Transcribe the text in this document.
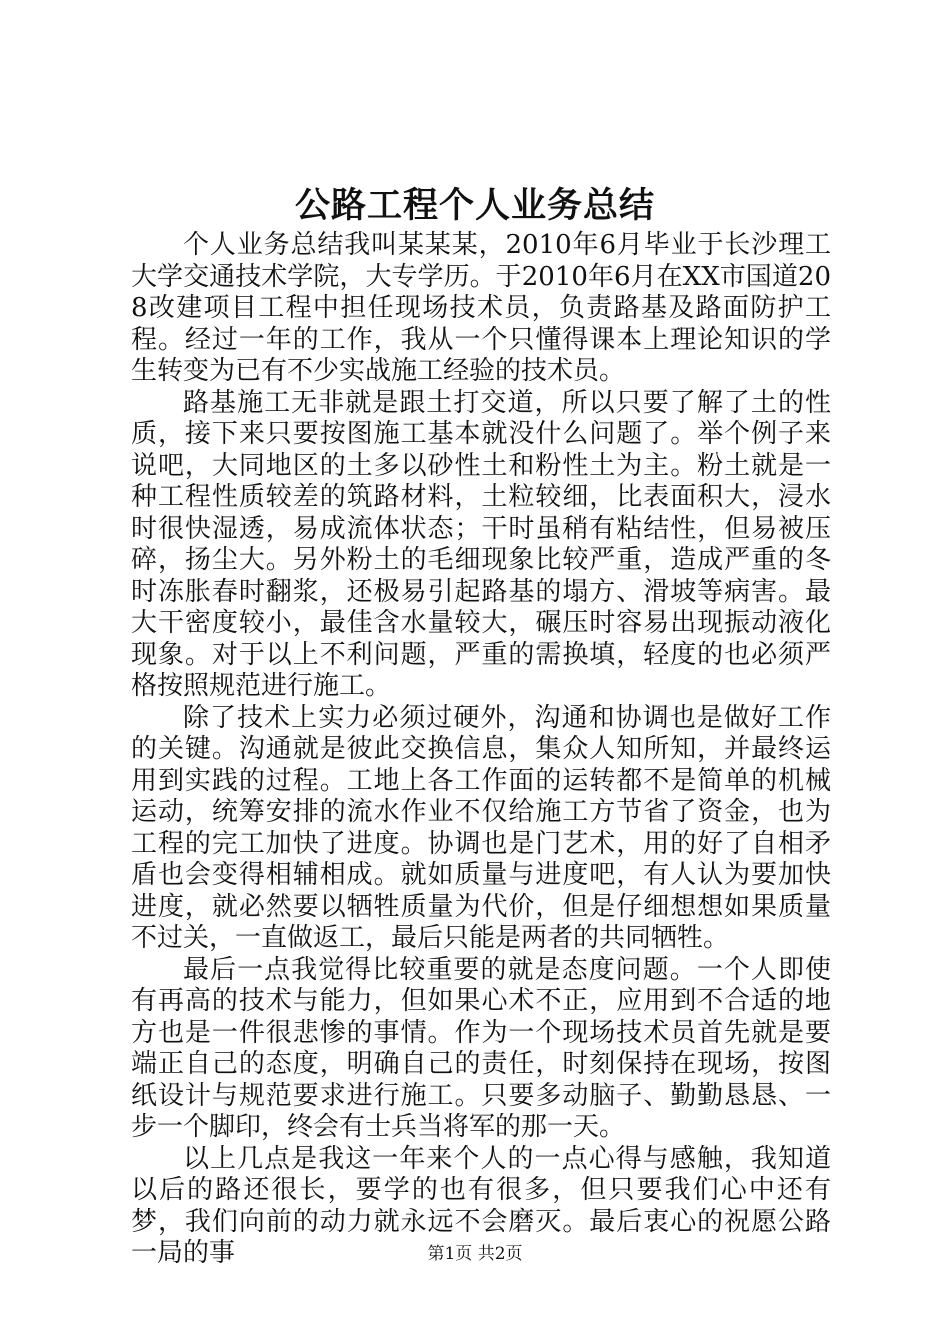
公路工程个人业务总结

个人业务总结我叫某某某，2010年6月毕业于长沙理工大学交通技术学院，大专学历。于2010年6月在XX市国道208改建项目工程中担任现场技术员，负责路基及路面防护工程。经过一年的工作，我从一个只懂得课本上理论知识的学生转变为已有不少实战施工经验的技术员。

路基施工无非就是跟土打交道，所以只要了解了土的性质，接下来只要按图施工基本就没什么问题了。举个例子来说吧，大同地区的土多以砂性土和粉性土为主。粉土就是一种工程性质较差的筑路材料，土粒较细，比表面积大，浸水时很快湿透，易成流体状态；干时虽稍有粘结性，但易被压碎，扬尘大。另外粉土的毛细现象比较严重，造成严重的冬时冻胀春时翻浆，还极易引起路基的塌方、滑坡等病害。最大干密度较小，最佳含水量较大，碾压时容易出现振动液化现象。对于以上不利问题，严重的需换填，轻度的也必须严格按照规范进行施工。

除了技术上实力必须过硬外，沟通和协调也是做好工作的关键。沟通就是彼此交换信息，集众人知所知，并最终运用到实践的过程。工地上各工作面的运转都不是简单的机械运动，统筹安排的流水作业不仅给施工方节省了资金，也为工程的完工加快了进度。协调也是门艺术，用的好了自相矛盾也会变得相辅相成。就如质量与进度吧，有人认为要加快进度，就必然要以牺牲质量为代价，但是仔细想想如果质量不过关，一直做返工，最后只能是两者的共同牺牲。

最后一点我觉得比较重要的就是态度问题。一个人即使有再高的技术与能力，但如果心术不正，应用到不合适的地方也是一件很悲惨的事情。作为一个现场技术员首先就是要端正自己的态度，明确自己的责任，时刻保持在现场，按图纸设计与规范要求进行施工。只要多动脑子、勤勤恳恳、一步一个脚印，终会有士兵当将军的那一天。

以上几点是我这一年来个人的一点心得与感触，我知道以后的路还很长，要学的也有很多，但只要我们心中还有梦，我们向前的动力就永远不会磨灭。最后衷心的祝愿公路一局的事	第1页 共2页
